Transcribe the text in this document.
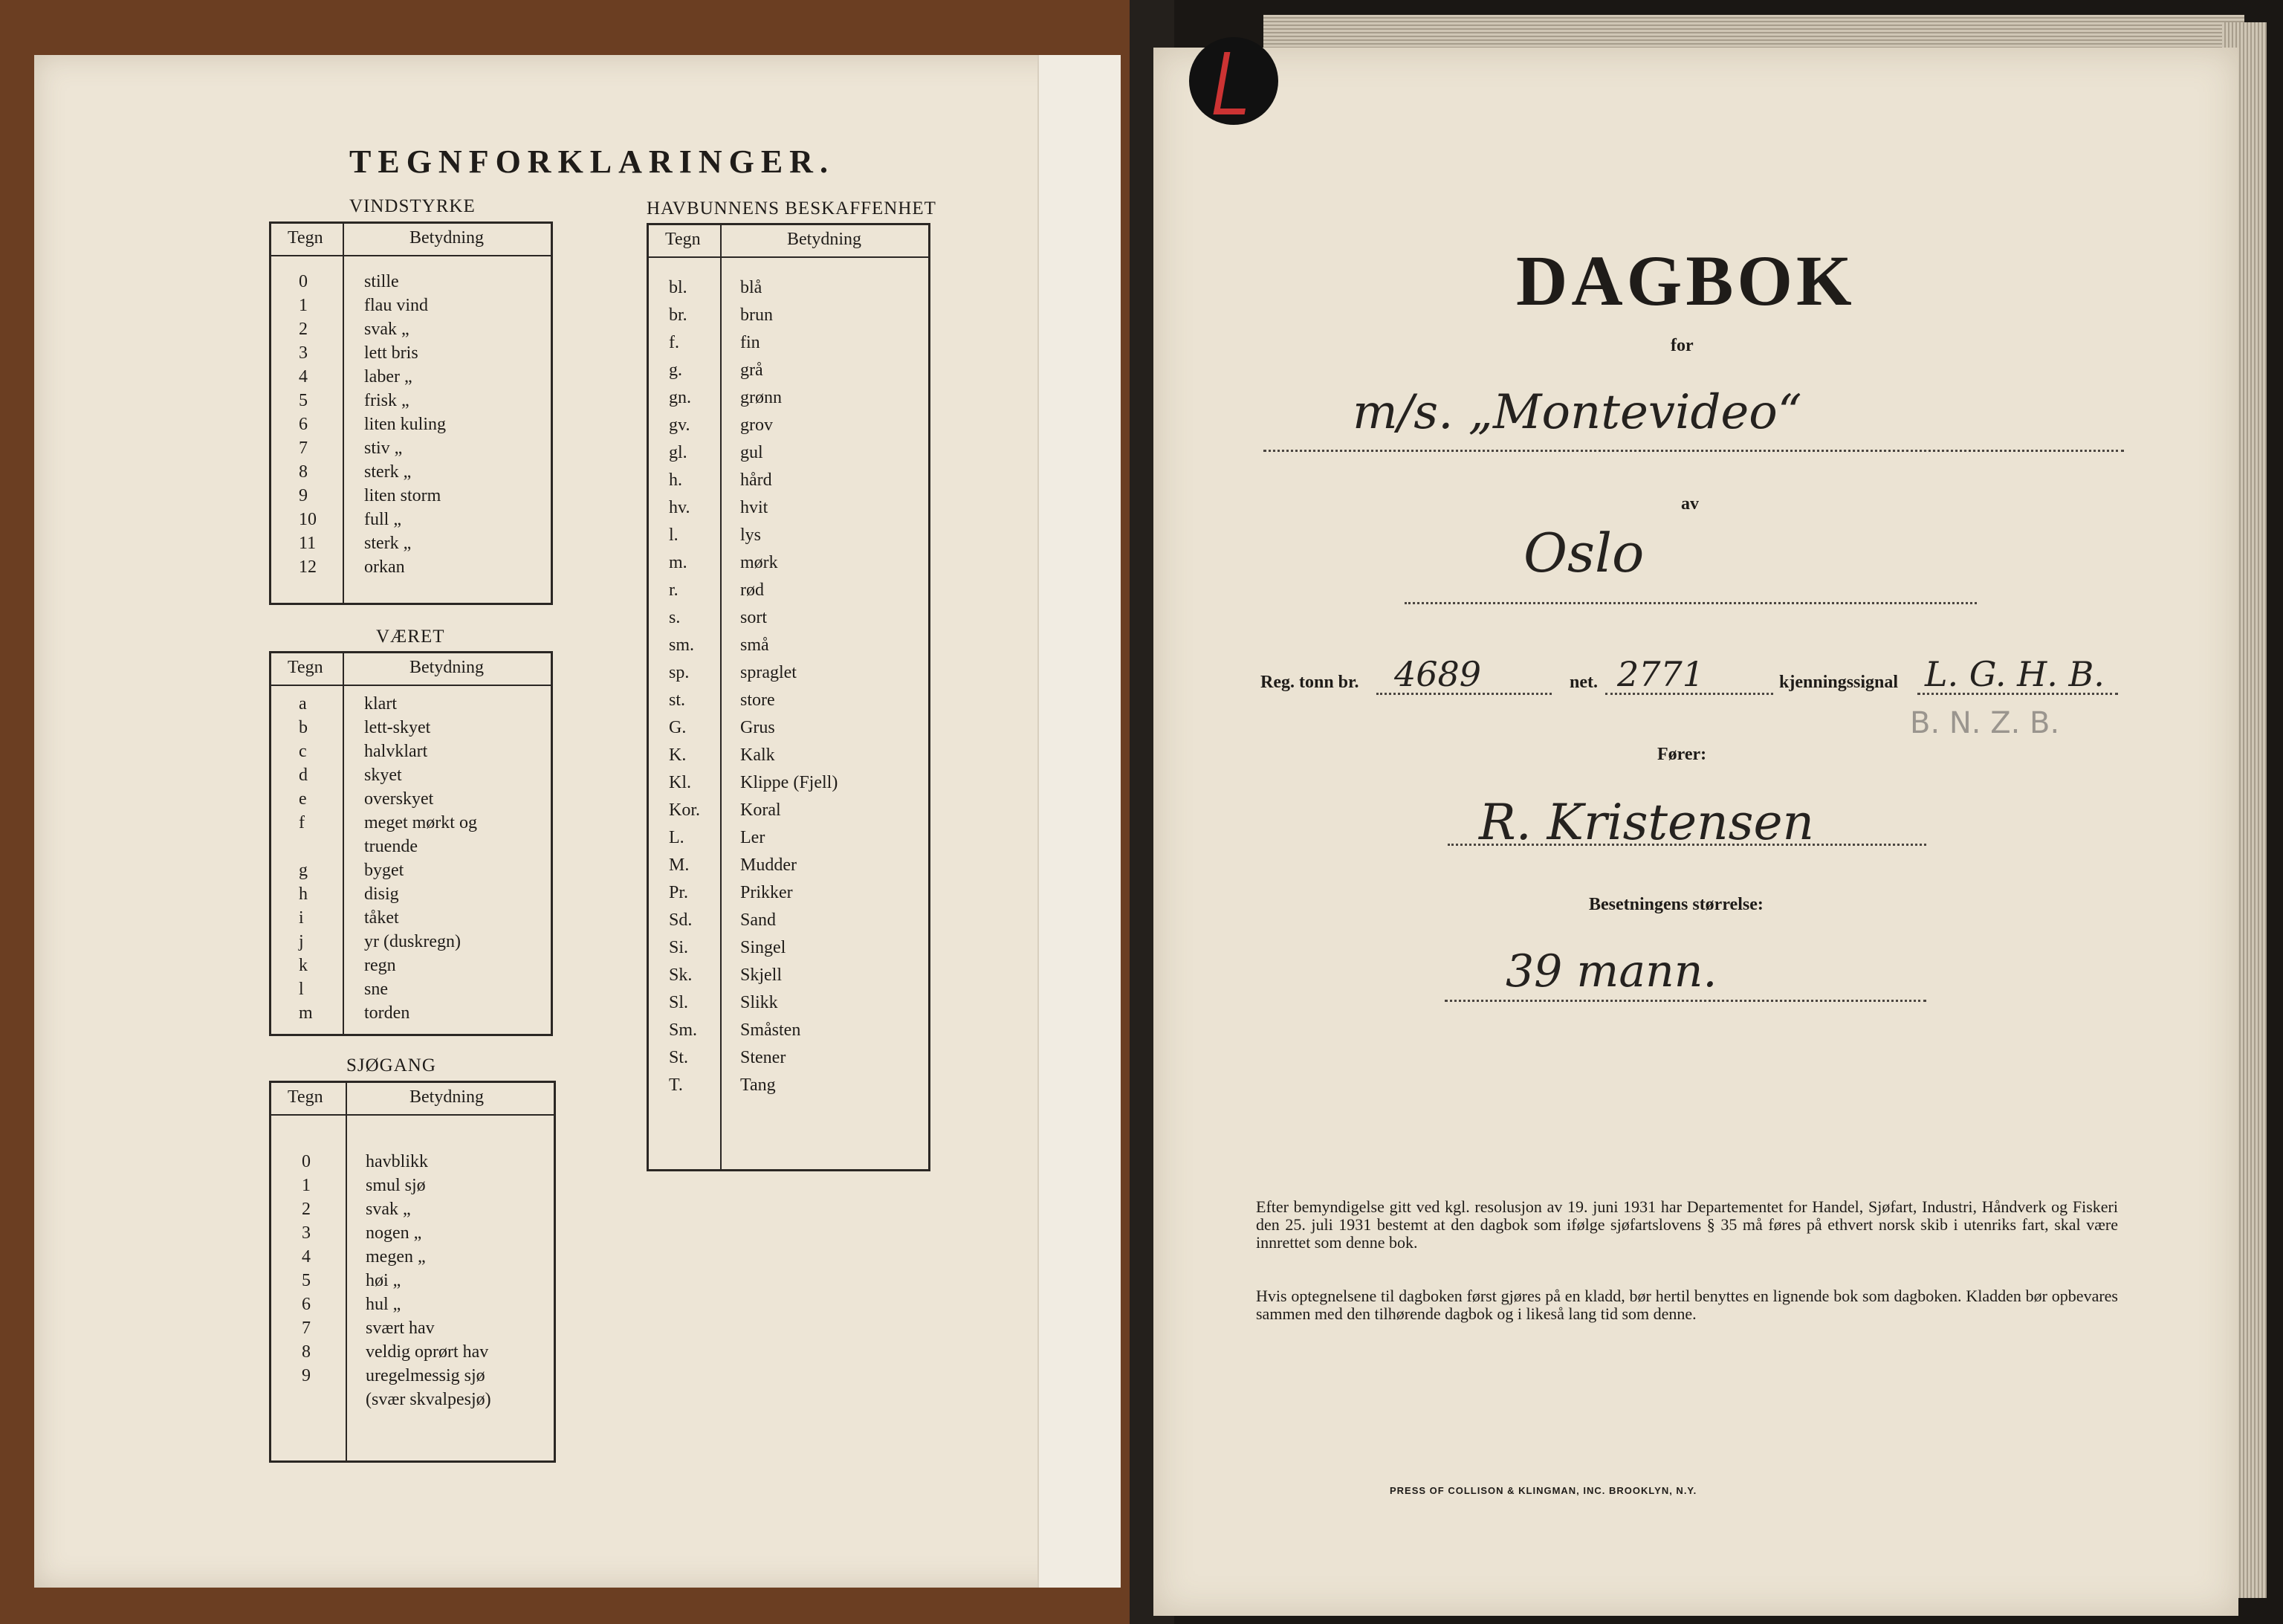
TEGNFORKLARINGER.
VINDSTYRKE
Tegn	Betydning
0	stille
1	flau vind
2	svak „
3	lett bris
4	laber „
5	frisk „
6	liten kuling
7	stiv „
8	sterk „
9	liten storm
10	full „
11	sterk „
12	orkan
VÆRET
Tegn	Betydning
a	klart
b	lett-skyet
c	halvklart
d	skyet
e	overskyet
f	meget mørkt og
truende
g	byget
h	disig
i	tåket
j	yr (duskregn)
k	regn
l	sne
m	torden
SJØGANG
Tegn	Betydning
0	havblikk
1	smul sjø
2	svak „
3	nogen „
4	megen „
5	høi „
6	hul „
7	svært hav
8	veldig oprørt hav
9	uregelmessig sjø
(svær skvalpesjø)
HAVBUNNENS BESKAFFENHET
Tegn	Betydning
bl.	blå
br.	brun
f.	fin
g.	grå
gn.	grønn
gv.	grov
gl.	gul
h.	hård
hv.	hvit
l.	lys
m.	mørk
r.	rød
s.	sort
sm.	små
sp.	spraglet
st.	store
G.	Grus
K.	Kalk
Kl.	Klippe (Fjell)
Kor. Koral
L.	Ler
M.	Mudder
Pr.	Prikker
Sd.	Sand
Si.	Singel
Sk.	Skjell
Sl.	Slikk
Sm. Småsten
St.	Stener
T.	Tang
DAGBOK
for
m/s. „Montevideo“
av
Oslo
Reg. tonn br. 4689	net. 2771	kjenningssignal L. G. H. B.
B. N. Z. B.
Fører:
R. Kristensen
Besetningens størrelse:
39 mann.
Efter bemyndigelse gitt ved kgl. resolusjon av 19. juni 1931 har Departementet for Handel, Sjøfart, Industri, Håndverk og Fiskeri den 25. juli 1931 bestemt at den dagbok som ifølge sjøfartslovens § 35 må føres på ethvert norsk skib i utenriks fart, skal være innrettet som denne bok.
Hvis optegnelsene til dagboken først gjøres på en kladd, bør hertil benyttes en lignende bok som dagboken. Kladden bør opbevares sammen med den tilhørende dagbok og i likeså lang tid som denne.
PRESS OF COLLISON & KLINGMAN, INC. BROOKLYN, N.Y.
